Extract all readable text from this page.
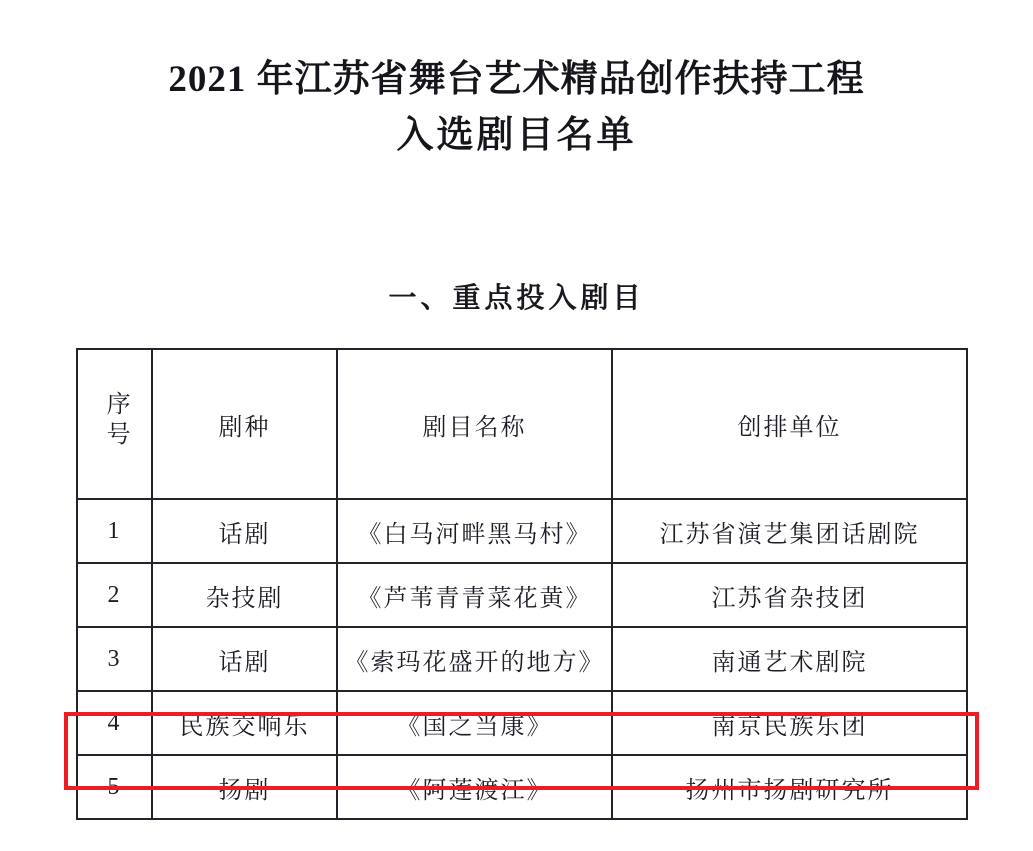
2021 年江苏省舞台艺术精品创作扶持工程
入选剧目名单
一、重点投入剧目
序号	剧种	剧目名称	创排单位
1	话剧	《白马河畔黑马村》	江苏省演艺集团话剧院
2	杂技剧	《芦苇青青菜花黄》	江苏省杂技团
3	话剧	《索玛花盛开的地方》	南通艺术剧院
4	民族交响乐	《国之当康》	南京民族乐团
5	扬剧	《阿莲渡江》	扬州市扬剧研究所
